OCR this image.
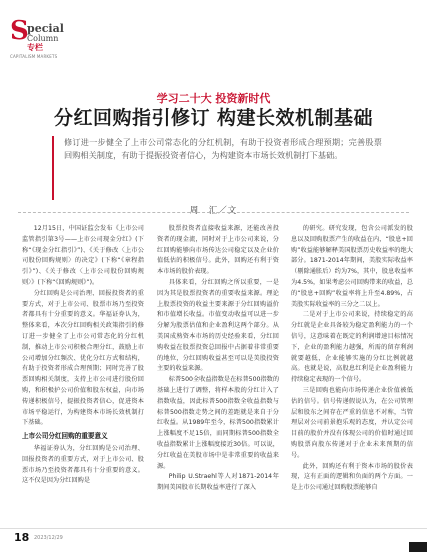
S
pecial
Column
专栏
CAPITALISM MARKETS
学习二十大 投资新时代
分红回购指引修订 构建长效机制基础
修订进一步健全了上市公司常态化的分红机制，有助于投资者形成合理预期；完善股票回购相关制度，有助于提振投资者信心，为构建资本市场长效机制打下基础。
周　汇／文

12月15日，中国证监会发布《上市公司监管指引第3号——上市公司现金分红》(下称“《现金分红指引》”)、《关于修改〈上市公司股份回购规则〉的决定》(下称“《章程指引》”)、《关于修改〈上市公司股份回购规则〉》(下称“《回购规则》”)。

分红回购是公司治理、回报投资者的重要方式，对于上市公司、股票市场乃至投资者都具有十分重要的意义。华福证券认为，整体来看，本次分红回购相关政策指引的修订进一步健全了上市公司常态化的分红机制，推动上市公司积极合理分红，鼓励上市公司增加分红频次、优化分红方式和结构，有助于投资者形成合理预期；同时完善了股票回购相关制度，支持上市公司进行股份回购，和积极护公司价值和股东权益，向市场传递积极信号，提振投资者信心，促进资本市场平稳运行，为构建资本市场长效机制打下基础。

上市公司分红回购的重要意义

华福证券认为，分红回购是公司治理、回报投资者的重要方式，对于上市公司、股票市场乃至投资者都具有十分重要的意义。这不仅是因为分红回购是

股票投资者直接收益来源，还能改善投资者的现金流，同时对于上市公司来说，分红回购能够向市场传达公司稳定以及企业价值低估的积极信号。此外，回购还有利于资本市场的股价表现。

具体来看，分红回购之所以重要，一是因为其是股票投资者的重要收益来源。理论上股票投资的收益主要来源于分红回购溢价和市值增长收益。市值变动收益可以进一步分解为股票估值和企业盈利这两个部分。从美国成熟资本市场的历史经验来看，分红回购收益在股票投资总回报中占据着非常重要的地位，分红回购收益甚至可以是美股投资主要的收益来源。

标普500全收益指数是在标普500指数的基础上进行了调整，将样本股的分红计入了指数收益，因此标普500指数全收益指数与标普500指数走势之间的差距就是来自于分红收益。从1989年至今，标普500指数累计上涨幅度不足15倍，而同期标普500指数全收益指数累计上涨幅度接近30倍。可以说，分红收益在美股市场中是非常重要的收益来源。

Philip U.Straehl等人对1871-2014年期间美国股市长期收益率进行了深入

的研究。研究发现，包含公司派发的股息以及回购股票产生的收益在内，“股息+回购”收益能够解释美国股票历史收益率的绝大部分。1871-2014年期间，美股实际收益率（剔除通胀后）约为7%，其中，股息收益率为4.5%，如果考虑公司回购带来的收益，总的“股息+回购”收益率将上升至4.89%，占美股实际收益率的三分之二以上。

二是对于上市公司来说，持续稳定的高分红就是企业具备较为稳定盈利能力的一个信号，这意味着在既定的利润增速目标情况下，企业的盈利能力越强，所需的留存利润就要越低，企业能够实施的分红比例就越高。也就是说，高股息红利是企业盈利能力持续稳定表现的一个信号。

三是回购也能向市场传递企业价值被低估的信号。信号传递假说认为，在公司管理层和股东之间存在严重的信息不对称，当管理层对公司前景抱乐观的态度，并认定公司目前的股价并没有体现公司的价值时通过回购股票向股东传递对于企业未来预期的信号。

此外，回购还有利于资本市场的股价表现，这有正面的逻辑和负面的两个方面。一是上市公司通过回购股票能够自

18 2023/12/29
